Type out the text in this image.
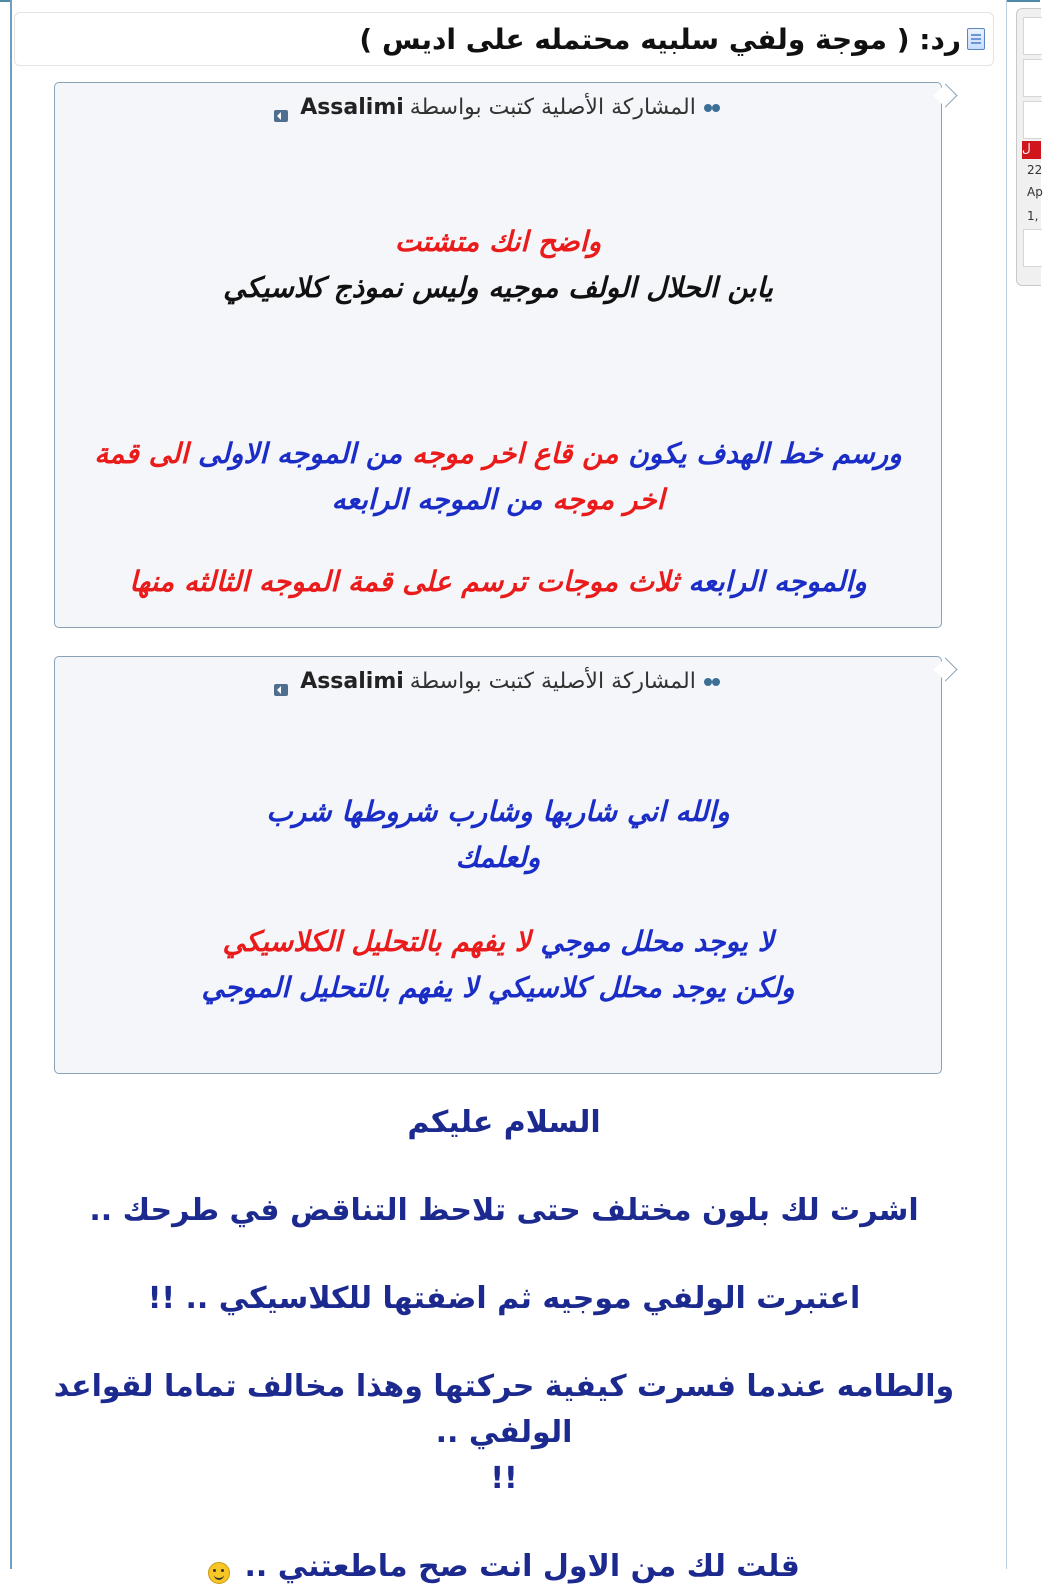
رد: ( موجة ولفي سلبيه محتمله على اديس )
المشاركة الأصلية كتبت بواسطة
Assalimi
واضح انك متشتت
يابن الحلال الولف موجيه وليس نموذج كلاسيكي
ورسم خط الهدف يكون من قاع اخر موجه من الموجه الاولى الى قمة
اخر موجه من الموجه الرابعه
والموجه الرابعه ثلاث موجات ترسم على قمة الموجه الثالثه منها
المشاركة الأصلية كتبت بواسطة
Assalimi
والله اني شاربها وشارب شروطها شرب
ولعلمك
لا يوجد محلل موجي لا يفهم بالتحليل الكلاسيكي
ولكن يوجد محلل كلاسيكي لا يفهم بالتحليل الموجي
السلام عليكم
اشرت لك بلون مختلف حتى تلاحظ التناقض في طرحك ..
اعتبرت الولفي موجيه ثم اضفتها للكلاسيكي .. !!
والطامه عندما فسرت كيفية حركتها وهذا مخالف تماما لقواعد الولفي ..
!!
قلت لك من الاول انت صح ماطعتني ..
ل
22
Ap
1,
